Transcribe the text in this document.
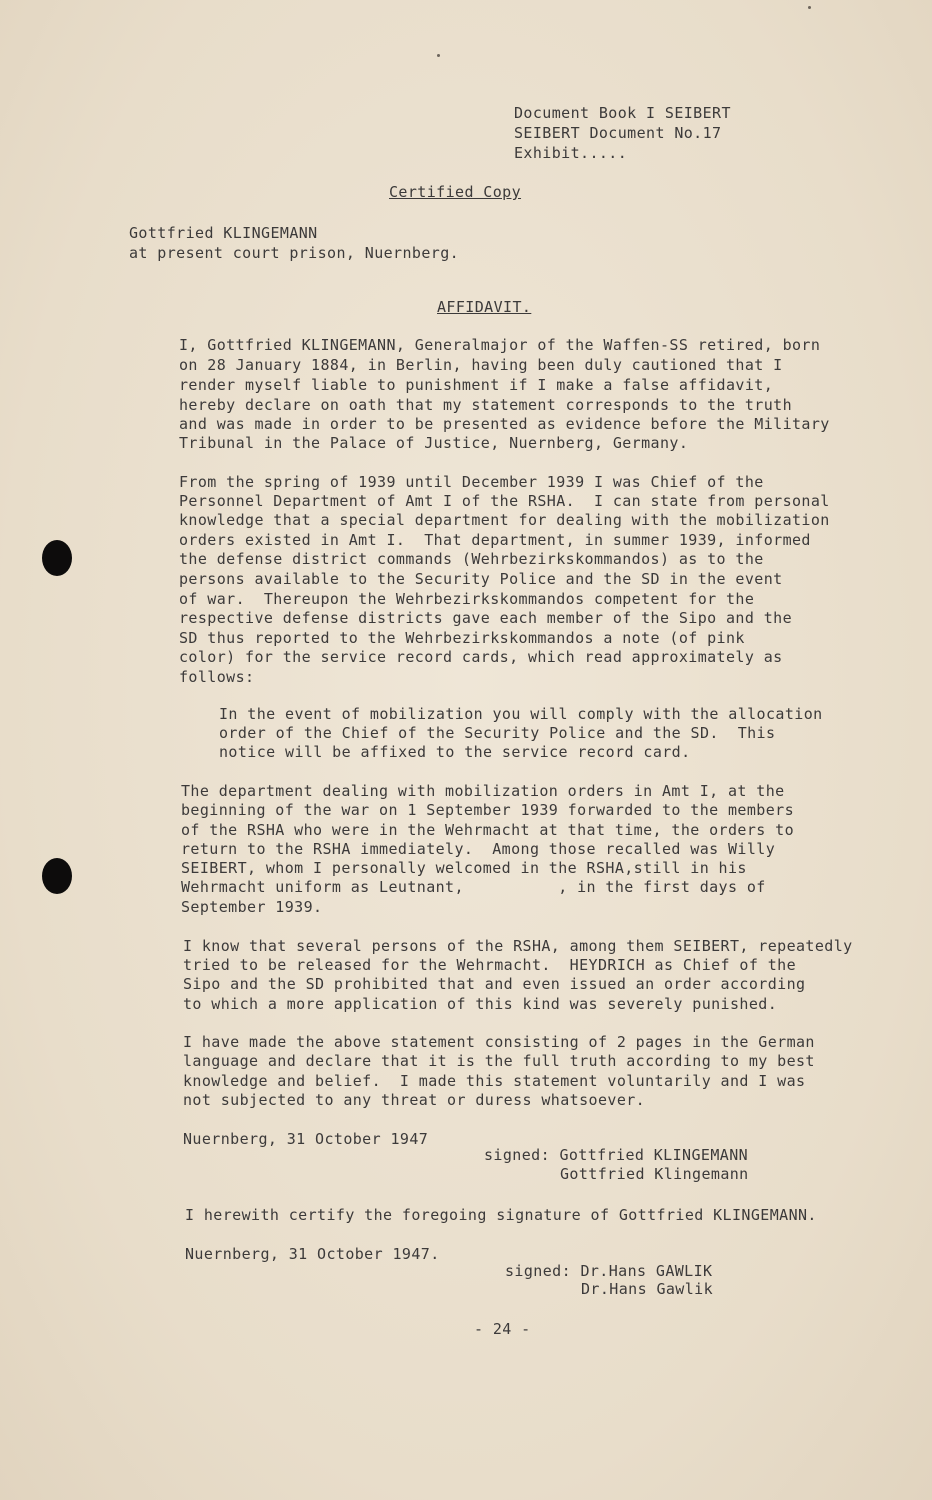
Document Book I SEIBERT
SEIBERT Document No.17
Exhibit.....
Certified Copy
Gottfried KLINGEMANN
at present court prison, Nuernberg.
AFFIDAVIT.
I, Gottfried KLINGEMANN, Generalmajor of the Waffen-SS retired, born
on 28 January 1884, in Berlin, having been duly cautioned that I
render myself liable to punishment if I make a false affidavit,
hereby declare on oath that my statement corresponds to the truth
and was made in order to be presented as evidence before the Military
Tribunal in the Palace of Justice, Nuernberg, Germany.
From the spring of 1939 until December 1939 I was Chief of the
Personnel Department of Amt I of the RSHA.  I can state from personal
knowledge that a special department for dealing with the mobilization
orders existed in Amt I.  That department, in summer 1939, informed
the defense district commands (Wehrbezirkskommandos) as to the
persons available to the Security Police and the SD in the event
of war.  Thereupon the Wehrbezirkskommandos competent for the
respective defense districts gave each member of the Sipo and the
SD thus reported to the Wehrbezirkskommandos a note (of pink
color) for the service record cards, which read approximately as
follows:
In the event of mobilization you will comply with the allocation
order of the Chief of the Security Police and the SD.  This
notice will be affixed to the service record card.
The department dealing with mobilization orders in Amt I, at the
beginning of the war on 1 September 1939 forwarded to the members
of the RSHA who were in the Wehrmacht at that time, the orders to
return to the RSHA immediately.  Among those recalled was Willy
SEIBERT, whom I personally welcomed in the RSHA,still in his
Wehrmacht uniform as Leutnant,          , in the first days of
September 1939.
I know that several persons of the RSHA, among them SEIBERT, repeatedly
tried to be released for the Wehrmacht.  HEYDRICH as Chief of the
Sipo and the SD prohibited that and even issued an order according
to which a more application of this kind was severely punished.
I have made the above statement consisting of 2 pages in the German
language and declare that it is the full truth according to my best
knowledge and belief.  I made this statement voluntarily and I was
not subjected to any threat or duress whatsoever.
Nuernberg, 31 October 1947
signed: Gottfried KLINGEMANN
Gottfried Klingemann
I herewith certify the foregoing signature of Gottfried KLINGEMANN.
Nuernberg, 31 October 1947.
signed: Dr.Hans GAWLIK
Dr.Hans Gawlik
- 24 -
